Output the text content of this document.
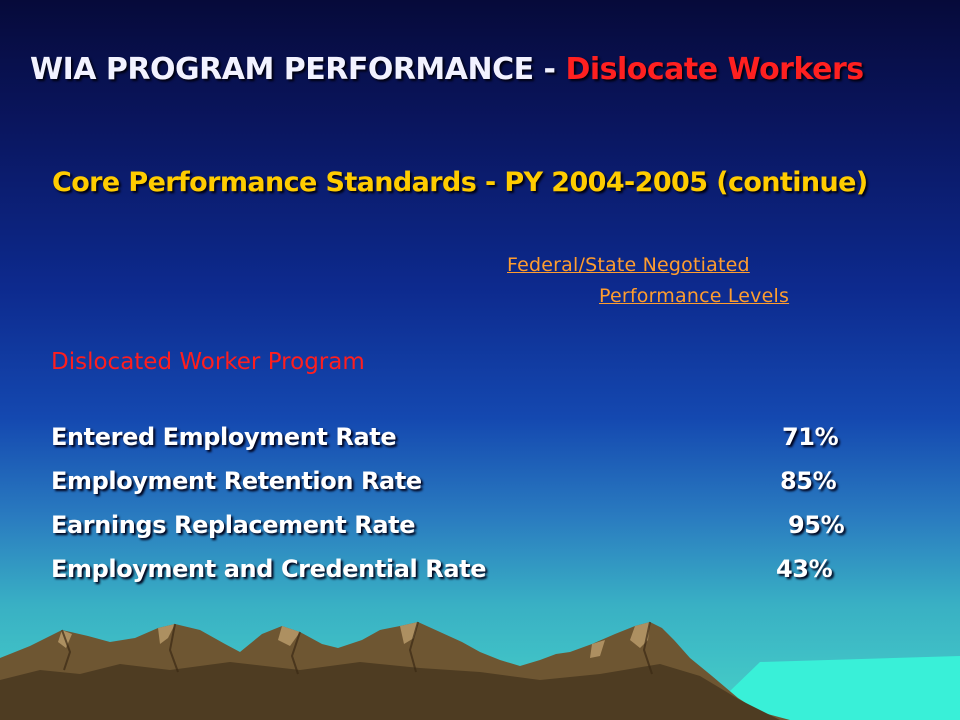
WIA PROGRAM PERFORMANCE - Dislocate Workers
Core Performance Standards - PY 2004-2005 (continue)
Federal/State Negotiated
Performance Levels
Dislocated Worker Program
Entered Employment Rate	71%
Employment Retention Rate	85%
Earnings Replacement Rate	95%
Employment and Credential Rate	43%
